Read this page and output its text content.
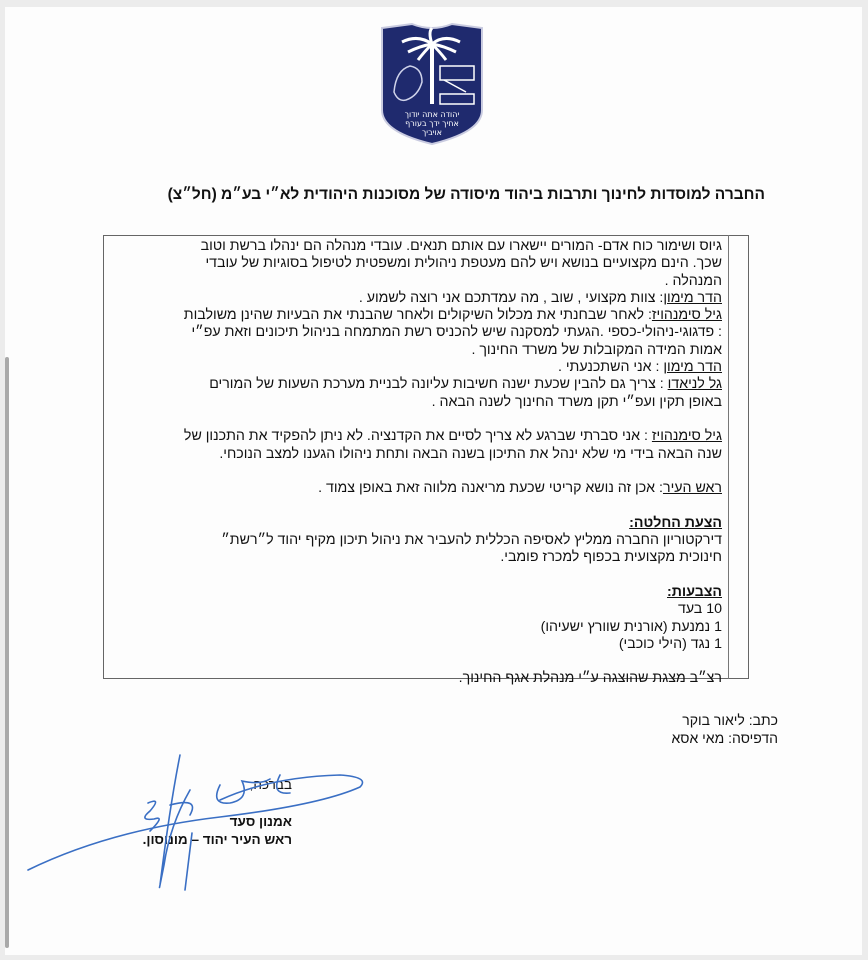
יהודה אתה יודוך
אחיך ידך בעורף
אויביך
החברה למוסדות לחינוך ותרבות ביהוד מיסודה של מסוכנות היהודית לא״י בע״מ (חל״צ)

גיוס ושימור כוח אדם- המורים יישארו עם אותם תנאים. עובדי מנהלה הם ינהלו ברשת וטוב

שכך. הינם מקצועיים בנושא ויש להם מעטפת ניהולית ומשפטית לטיפול בסוגיות של עובדי

המנהלה .

הדר מימון: צוות מקצועי , שוב , מה עמדתכם אני רוצה לשמוע .

גיל סימנהויז: לאחר שבחנתי את מכלול השיקולים ולאחר שהבנתי את הבעיות שהינן משולבות

: פדגוגי-ניהולי-כספי .הגעתי למסקנה שיש להכניס רשת המתמחה בניהול תיכונים וזאת עפ״י

אמות המידה המקובלות של משרד החינוך .

הדר מימון : אני השתכנעתי .

גל לניאדו : צריך גם להבין שכעת ישנה חשיבות עליונה לבניית מערכת השעות של המורים

באופן תקין ועפ״י תקן משרד החינוך לשנה הבאה .

גיל סימנהויז : אני סברתי שברגע לא צריך לסיים את הקדנציה. לא ניתן להפקיד את התכנון של

שנה הבאה בידי מי שלא ינהל את התיכון בשנה הבאה ותחת ניהולו הגענו למצב הנוכחי.

ראש העיר: אכן זה נושא קריטי שכעת מריאנה מלווה זאת באופן צמוד .

הצעת החלטה:

דירקטוריון החברה ממליץ לאסיפה הכללית להעביר את ניהול תיכון מקיף יהוד ל״רשת״

חינוכית מקצועית בכפוף למכרז פומבי.

הצבעות:

10 בעד

1 נמנעת (אורנית שוורץ ישעיהו)

1 נגד (הילי כוכבי)

רצ״ב מצגת שהוצגה ע״י מנהלת אגף החינוך.

כתב: ליאור בוקר
הדפיסה: מאי אסא
בברכה,
אמנון סעד
ראש העיר יהוד – מונוסון.
